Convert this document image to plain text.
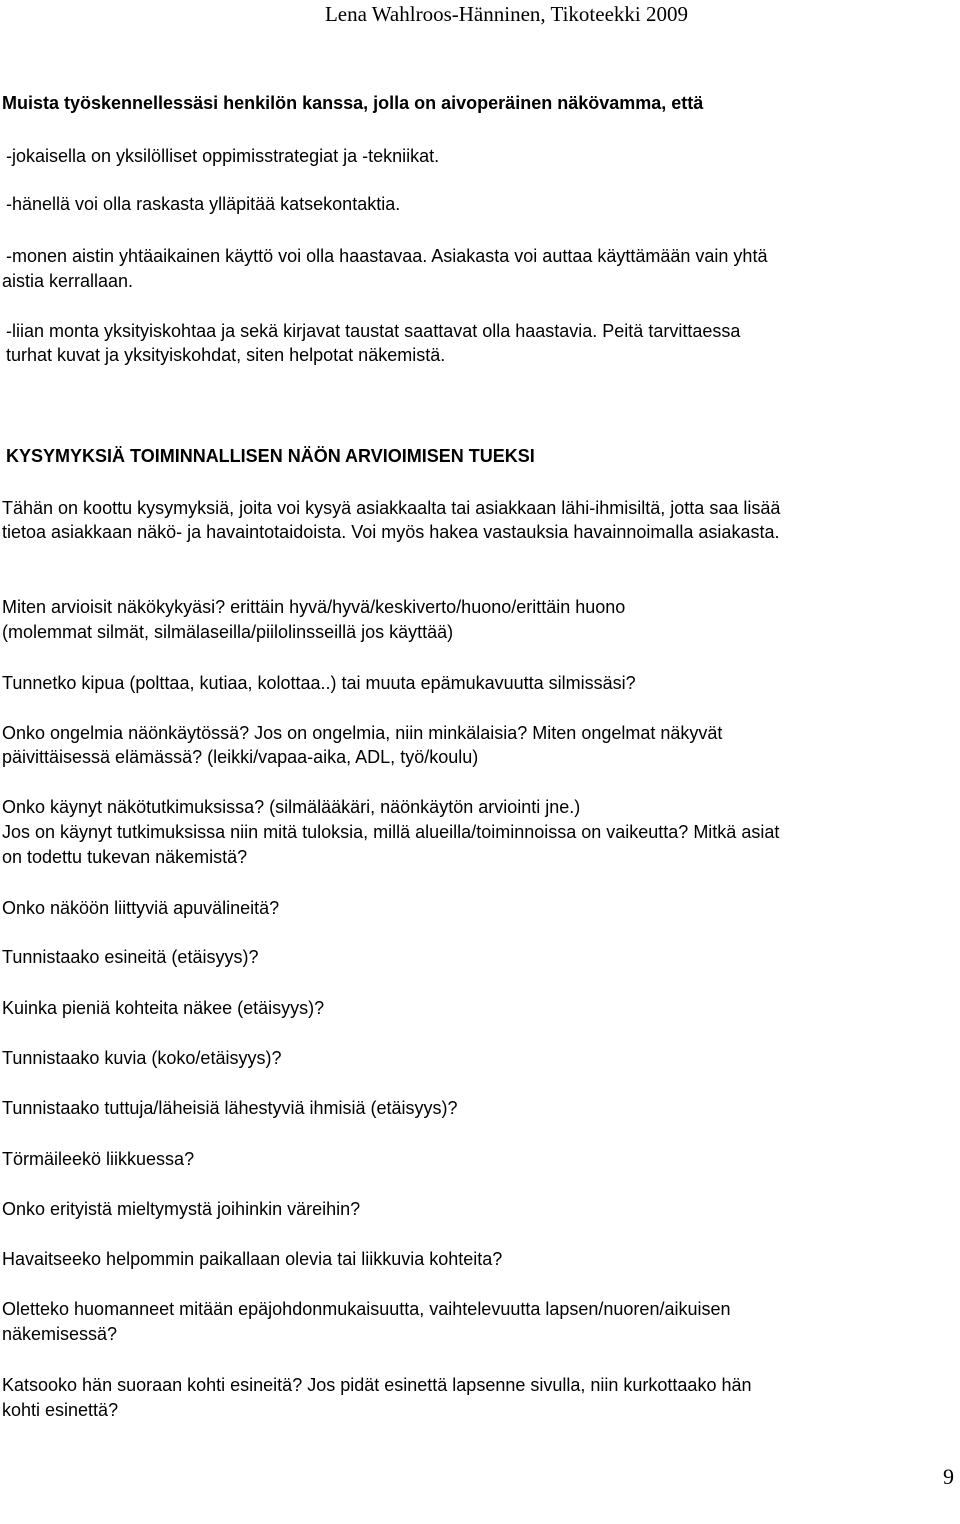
Lena Wahlroos-Hänninen, Tikoteekki 2009
Muista työskennellessäsi henkilön kanssa, jolla on aivoperäinen näkövamma, että
-jokaisella on yksilölliset oppimisstrategiat ja -tekniikat.
-hänellä voi olla raskasta ylläpitää katsekontaktia.
-monen aistin yhtäaikainen käyttö voi olla haastavaa. Asiakasta voi auttaa käyttämään vain yhtä
aistia kerrallaan.
-liian monta yksityiskohtaa ja sekä kirjavat taustat saattavat olla haastavia. Peitä tarvittaessa
turhat kuvat ja yksityiskohdat, siten helpotat näkemistä.
KYSYMYKSIÄ TOIMINNALLISEN NÄÖN ARVIOIMISEN TUEKSI
Tähän on koottu kysymyksiä, joita voi kysyä asiakkaalta tai asiakkaan lähi-ihmisiltä, jotta saa lisää
tietoa asiakkaan näkö- ja havaintotaidoista. Voi myös hakea vastauksia havainnoimalla asiakasta.
Miten arvioisit näkökykyäsi? erittäin hyvä/hyvä/keskiverto/huono/erittäin huono
(molemmat silmät, silmälaseilla/piilolinsseillä jos käyttää)
Tunnetko kipua (polttaa, kutiaa, kolottaa..) tai muuta epämukavuutta silmissäsi?
Onko ongelmia näönkäytössä? Jos on ongelmia, niin minkälaisia? Miten ongelmat näkyvät
päivittäisessä elämässä? (leikki/vapaa-aika, ADL, työ/koulu)
Onko käynyt näkötutkimuksissa? (silmälääkäri, näönkäytön arviointi jne.)
Jos on käynyt tutkimuksissa niin mitä tuloksia, millä alueilla/toiminnoissa on vaikeutta? Mitkä asiat
on todettu tukevan näkemistä?
Onko näköön liittyviä apuvälineitä?
Tunnistaako esineitä (etäisyys)?
Kuinka pieniä kohteita näkee (etäisyys)?
Tunnistaako kuvia (koko/etäisyys)?
Tunnistaako tuttuja/läheisiä lähestyviä ihmisiä (etäisyys)?
Törmäileekö liikkuessa?
Onko erityistä mieltymystä joihinkin väreihin?
Havaitseeko helpommin paikallaan olevia tai liikkuvia kohteita?
Oletteko huomanneet mitään epäjohdonmukaisuutta, vaihtelevuutta lapsen/nuoren/aikuisen
näkemisessä?
Katsooko hän suoraan kohti esineitä? Jos pidät esinettä lapsenne sivulla, niin kurkottaako hän
kohti esinettä?
9
